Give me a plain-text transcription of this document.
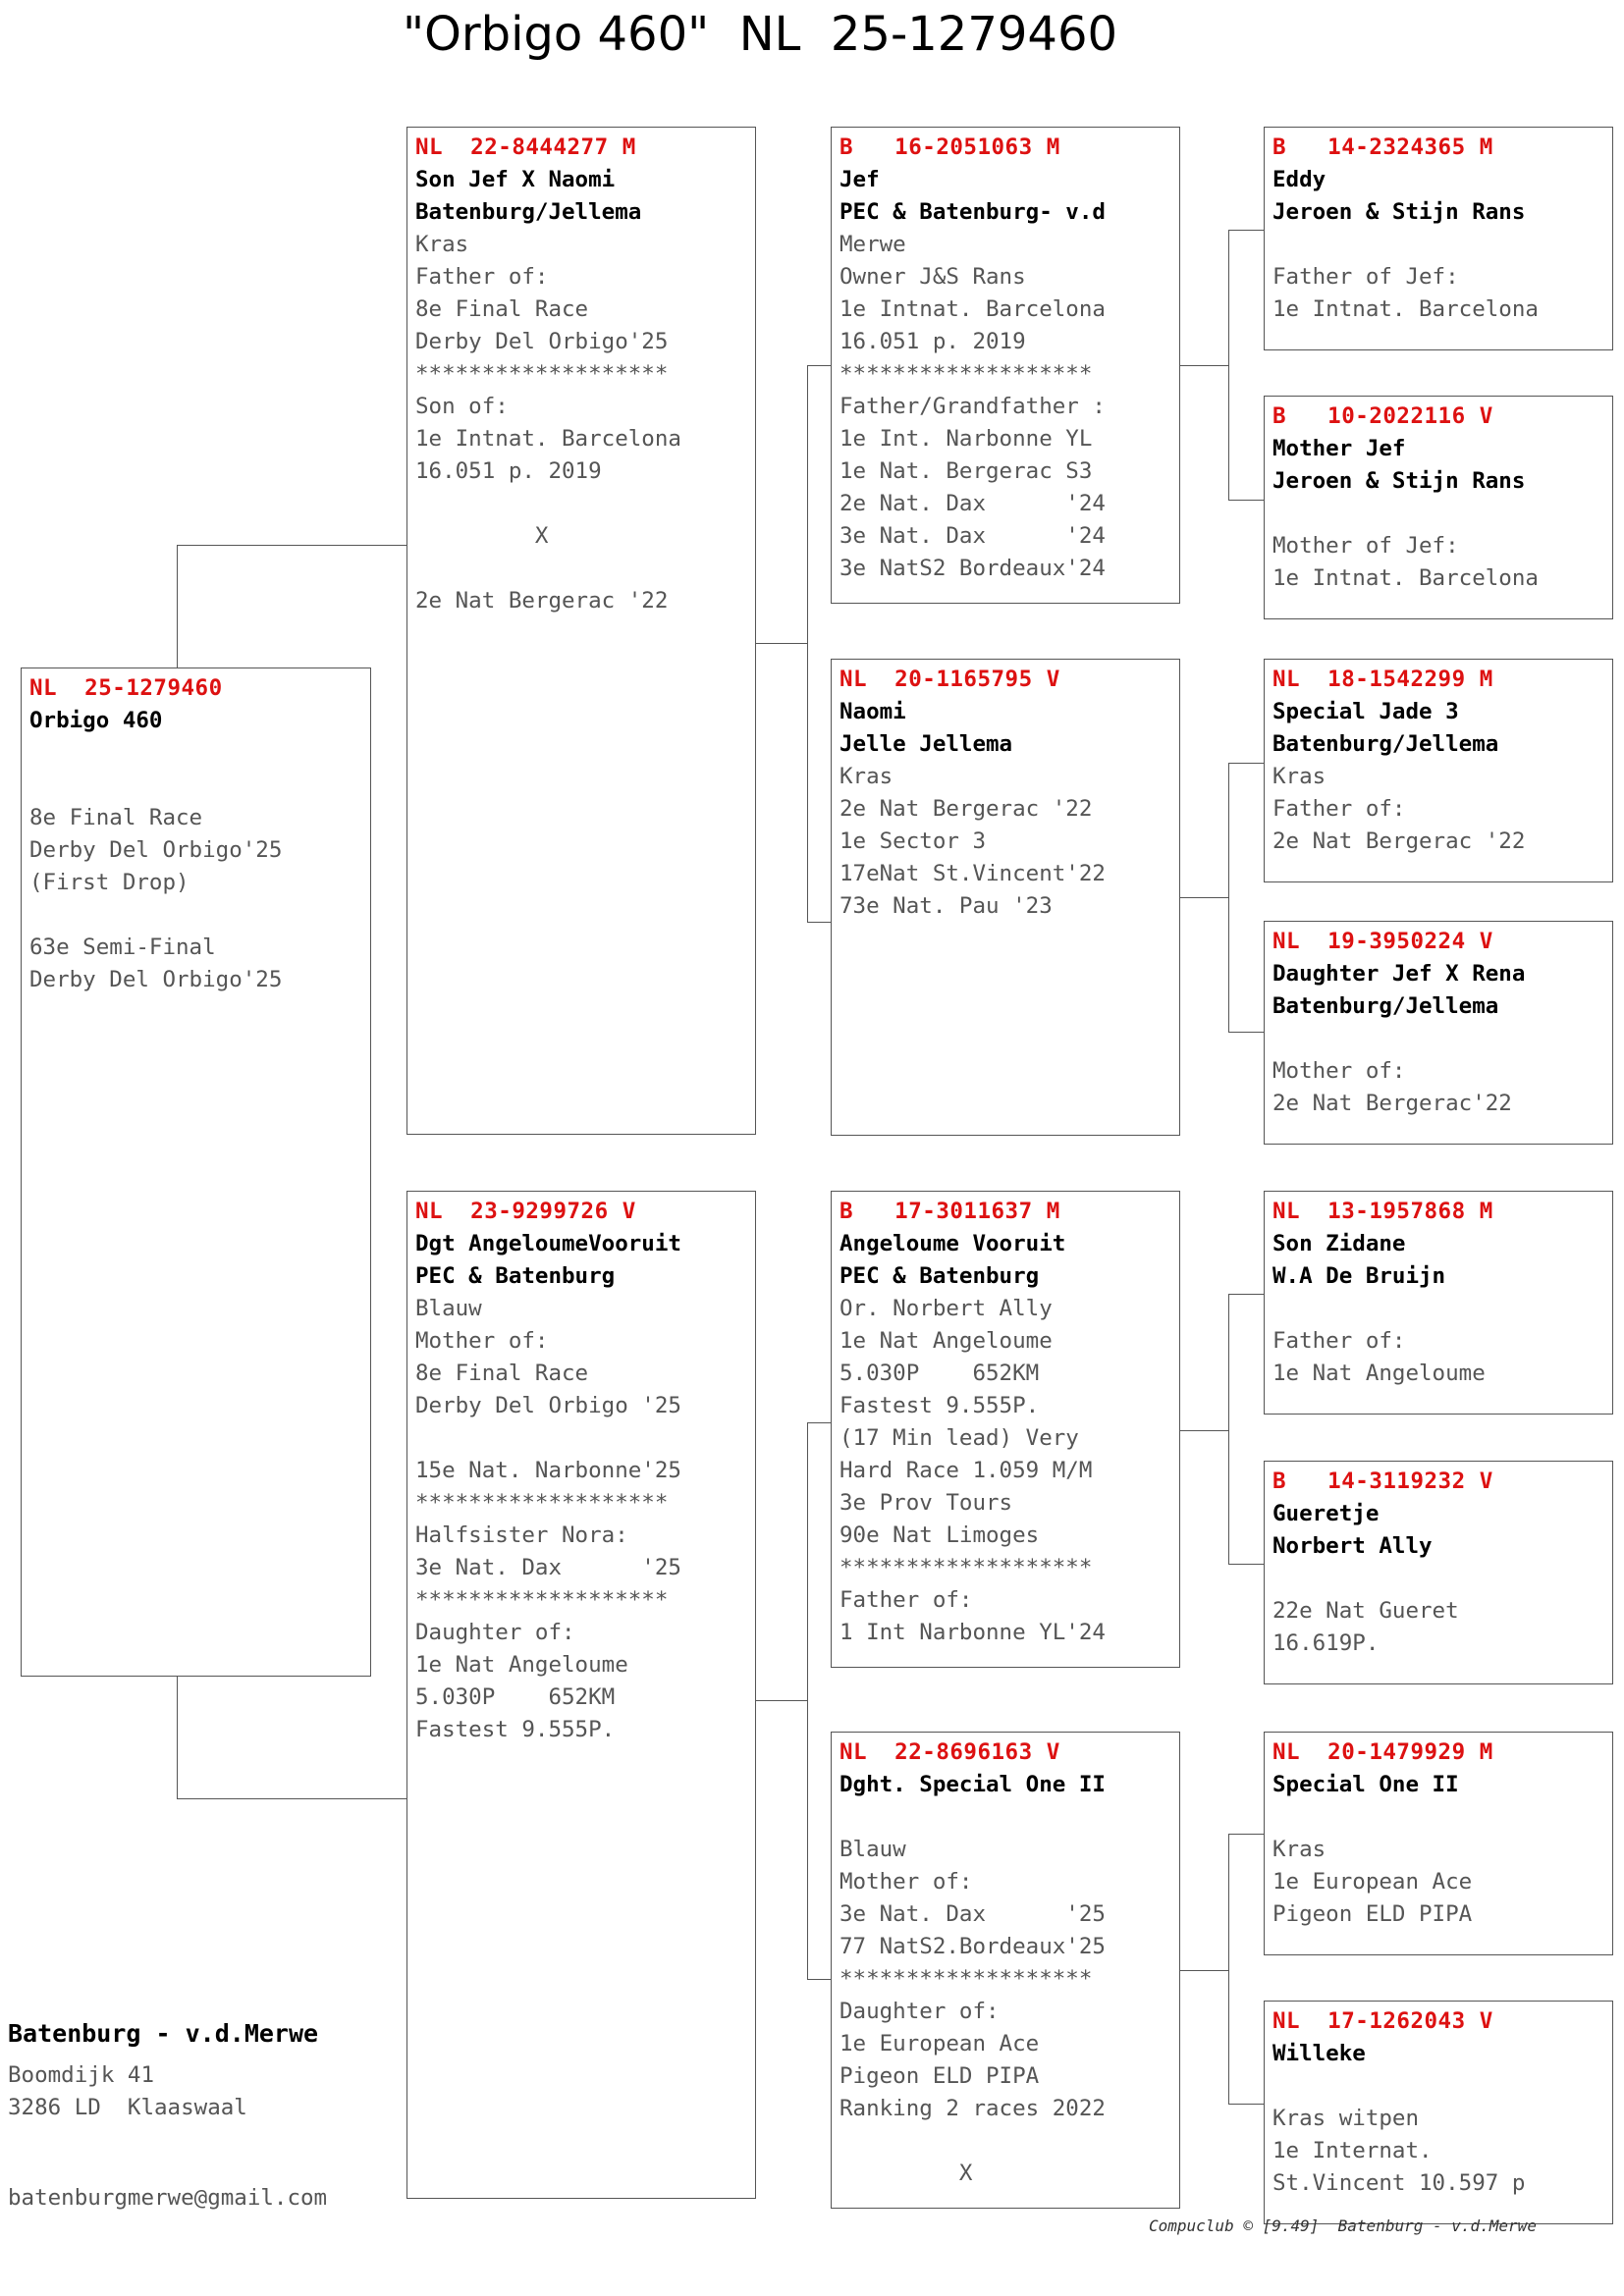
"Orbigo 460"  NL  25-1279460
NL  25-1279460
Orbigo 460
8e Final Race
Derby Del Orbigo'25
(First Drop)
63e Semi-Final
Derby Del Orbigo'25
NL  22-8444277 M
Son Jef X Naomi
Batenburg/Jellema
Kras
Father of:
8e Final Race
Derby Del Orbigo'25
*******************
Son of:
1e Intnat. Barcelona
16.051 p. 2019
X
2e Nat Bergerac '22
NL  23-9299726 V
Dgt AngeloumeVooruit
PEC & Batenburg
Blauw
Mother of:
8e Final Race
Derby Del Orbigo '25
15e Nat. Narbonne'25
*******************
Halfsister Nora:
3e Nat. Dax      '25
*******************
Daughter of:
1e Nat Angeloume
5.030P    652KM
Fastest 9.555P.
B   16-2051063 M
Jef
PEC & Batenburg- v.d
Merwe
Owner J&S Rans
1e Intnat. Barcelona
16.051 p. 2019
*******************
Father/Grandfather :
1e Int. Narbonne YL
1e Nat. Bergerac S3
2e Nat. Dax      '24
3e Nat. Dax      '24
3e NatS2 Bordeaux'24
NL  20-1165795 V
Naomi
Jelle Jellema
Kras
2e Nat Bergerac '22
1e Sector 3
17eNat St.Vincent'22
73e Nat. Pau '23
B   17-3011637 M
Angeloume Vooruit
PEC & Batenburg
Or. Norbert Ally
1e Nat Angeloume
5.030P    652KM
Fastest 9.555P.
(17 Min lead) Very
Hard Race 1.059 M/M
3e Prov Tours
90e Nat Limoges
*******************
Father of:
1 Int Narbonne YL'24
NL  22-8696163 V
Dght. Special One II
Blauw
Mother of:
3e Nat. Dax      '25
77 NatS2.Bordeaux'25
*******************
Daughter of:
1e European Ace
Pigeon ELD PIPA
Ranking 2 races 2022
X
B   14-2324365 M
Eddy
Jeroen & Stijn Rans
Father of Jef:
1e Intnat. Barcelona
B   10-2022116 V
Mother Jef
Jeroen & Stijn Rans
Mother of Jef:
1e Intnat. Barcelona
NL  18-1542299 M
Special Jade 3
Batenburg/Jellema
Kras
Father of:
2e Nat Bergerac '22
NL  19-3950224 V
Daughter Jef X Rena
Batenburg/Jellema
Mother of:
2e Nat Bergerac'22
NL  13-1957868 M
Son Zidane
W.A De Bruijn
Father of:
1e Nat Angeloume
B   14-3119232 V
Gueretje
Norbert Ally
22e Nat Gueret
16.619P.
NL  20-1479929 M
Special One II
Kras
1e European Ace
Pigeon ELD PIPA
NL  17-1262043 V
Willeke
Kras witpen
1e Internat.
St.Vincent 10.597 p
Batenburg - v.d.Merwe
Boomdijk 41
3286 LD  Klaaswaal
batenburgmerwe@gmail.com
Compuclub © [9.49]  Batenburg - v.d.Merwe
